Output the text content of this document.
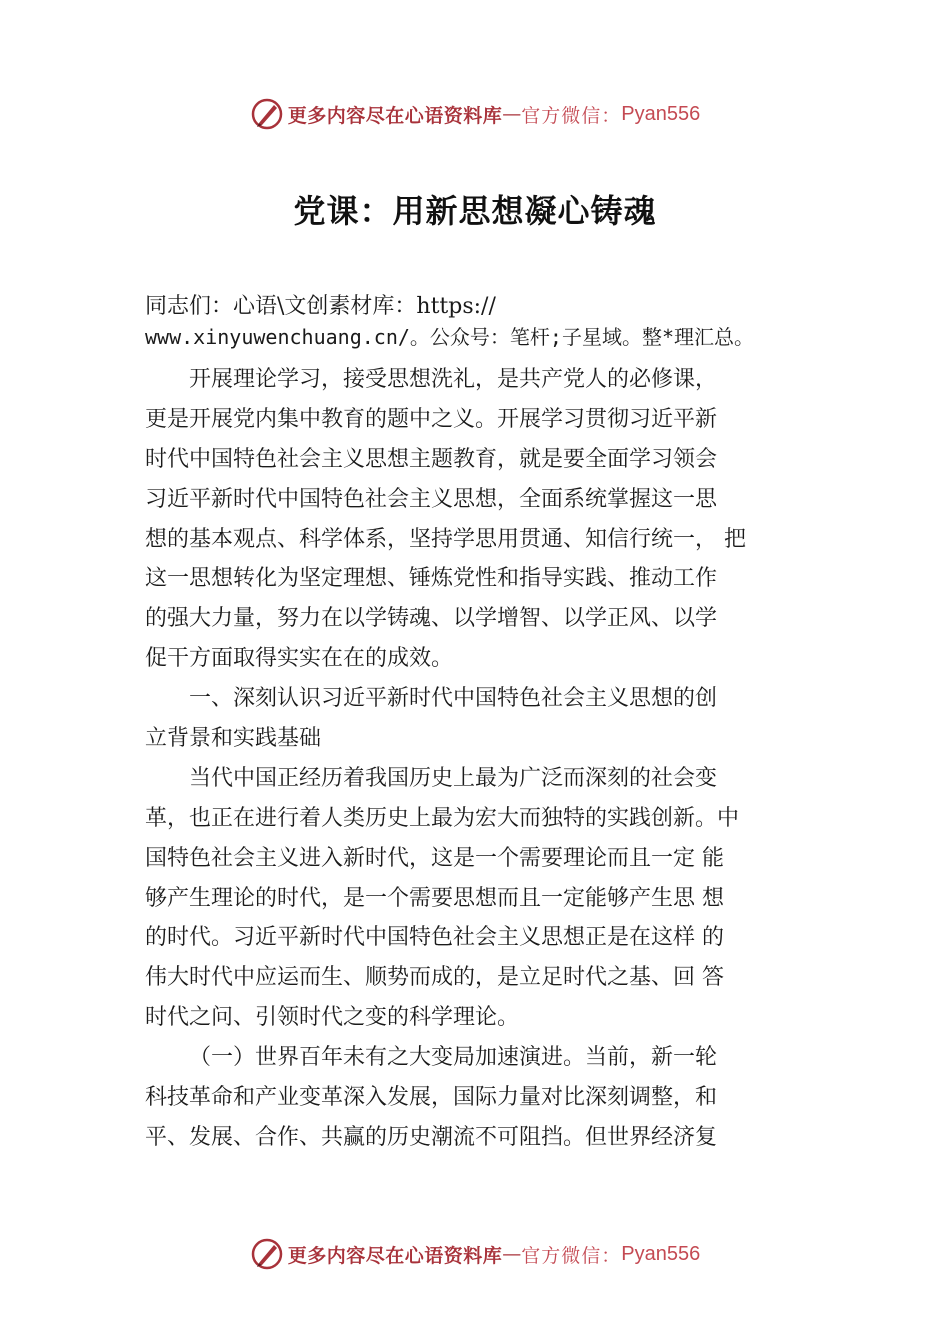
更多内容尽在心语资料库 — 官方微信： Pyan556
党课：用新思想凝心铸魂
同志们：心语\文创素材库：https://
www.xinyuwenchuang.cn/。公众号：笔杆;子星域。整*理汇总。
开展理论学习，接受思想洗礼，是共产党人的必修课，
更是开展党内集中教育的题中之义。开展学习贯彻习近平新
时代中国特色社会主义思想主题教育，就是要全面学习领会
习近平新时代中国特色社会主义思想，全面系统掌握这一思
想的基本观点、科学体系，坚持学思用贯通、知信行统一， 把
这一思想转化为坚定理想、锤炼党性和指导实践、推动工作
的强大力量，努力在以学铸魂、以学增智、以学正风、以学
促干方面取得实实在在的成效。
一、深刻认识习近平新时代中国特色社会主义思想的创
立背景和实践基础
当代中国正经历着我国历史上最为广泛而深刻的社会变
革，也正在进行着人类历史上最为宏大而独特的实践创新。中
国特色社会主义进入新时代，这是一个需要理论而且一定 能
够产生理论的时代，是一个需要思想而且一定能够产生思 想
的时代。习近平新时代中国特色社会主义思想正是在这样 的
伟大时代中应运而生、顺势而成的，是立足时代之基、回 答
时代之问、引领时代之变的科学理论。
（一）世界百年未有之大变局加速演进。当前，新一轮
科技革命和产业变革深入发展，国际力量对比深刻调整，和
平、发展、合作、共赢的历史潮流不可阻挡。但世界经济复
更多内容尽在心语资料库 — 官方微信： Pyan556
